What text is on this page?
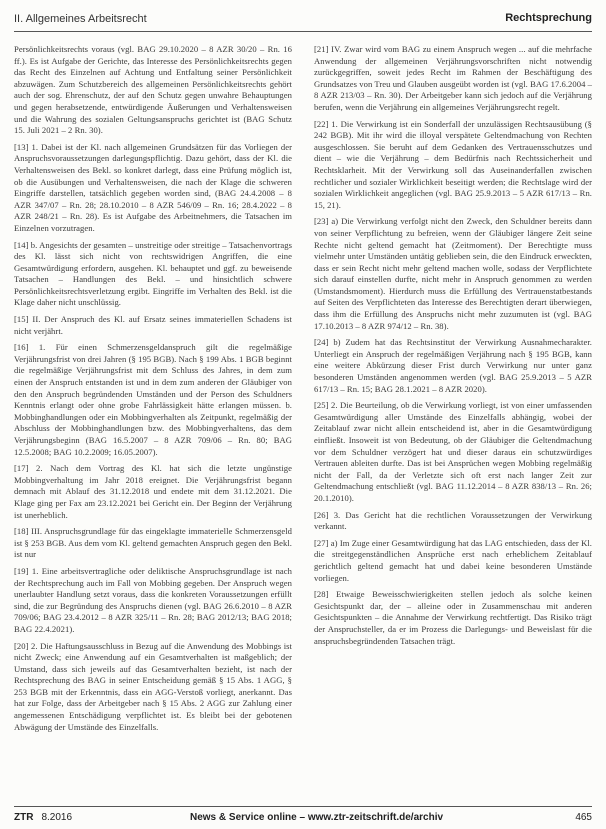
II. Allgemeines Arbeitsrecht	Rechtsprechung

Persönlichkeitsrechts voraus (vgl. BAG 29.10.2020 – 8 AZR 30/20 – Rn. 16 ff.). Es ist Aufgabe der Gerichte, das Interesse des Persönlichkeitsrechts gegen das Recht des Einzelnen auf Achtung und Entfaltung seiner Persönlichkeit abzuwägen. Zum Schutzbereich des allgemeinen Persönlichkeitsrechts gehört auch der sog. Ehrenschutz, der auf den Schutz gegen unwahre Behauptungen und gegen herabsetzende, entwürdigende Äußerungen und Verhaltensweisen und die Wahrung des sozialen Geltungsanspruchs gerichtet ist (BAG Schutz 15. Juli 2021 – 2 Rn. 30).

[13] 1. Dabei ist der Kl. nach allgemeinen Grundsätzen für das Vorliegen der Anspruchsvoraussetzungen darlegungspflichtig. Dazu gehört, dass der Kl. die Verhaltensweisen des Bekl. so konkret darlegt, dass eine Prüfung möglich ist, ob die Ausübungen und Verhaltensweisen, die nach der Klage die schweren Eingriffe darstellen, tatsächlich gegeben worden sind, (BAG 24.4.2008 – 8 AZR 347/07 – Rn. 28; 28.10.2010 – 8 AZR 546/09 – Rn. 16; 28.4.2022 – 8 AZR 248/21 – Rn. 28). Es ist Aufgabe des Arbeitnehmers, die Tatsachen im Einzelnen vorzutragen.

[14] b. Angesichts der gesamten – unstreitige oder streitige – Tatsachenvortrags des Kl. lässt sich nicht von rechtswidrigen Angriffen, die eine Gesamtwürdigung erfordern, ausgehen. Kl. behauptet und ggf. zu beweisende Tatsachen – Handlungen des Bekl. – und hinsichtlich schwere Persönlichkeitsrechtsverletzung ergibt. Eingriffe im Verhalten des Bekl. ist die Klage daher nicht unschlüssig.

[15] II. Der Anspruch des Kl. auf Ersatz seines immateriellen Schadens ist nicht verjährt.

[16] 1. Für einen Schmerzensgeldanspruch gilt die regelmäßige Verjährungsfrist von drei Jahren (§ 195 BGB). Nach § 199 Abs. 1 BGB beginnt die regelmäßige Verjährungsfrist mit dem Schluss des Jahres, in dem zum einen der Anspruch entstanden ist und in dem zum anderen der Gläubiger von den den Anspruch begründenden Umständen und der Person des Schuldners Kenntnis erlangt oder ohne grobe Fahrlässigkeit hätte erlangen müssen. b. Mobbinghandlungen oder ein Mobbingverhalten als Zeitpunkt, regelmäßig der Abschluss der Mobbinghandlungen bzw. des Mobbingverhaltens, das dem Verjährungsbeginn (BAG 16.5.2007 – 8 AZR 709/06 – Rn. 80; BAG 12.5.2008; BAG 10.2.2009; 16.05.2007).

[17] 2. Nach dem Vortrag des Kl. hat sich die letzte ungünstige Mobbingverhaltung im Jahr 2018 ereignet. Die Verjährungsfrist begann demnach mit Ablauf des 31.12.2018 und endete mit dem 31.12.2021. Die Klage ging per Fax am 23.12.2021 bei Gericht ein. Der Beginn der Verjährung ist unerheblich.

[18] III. Anspruchsgrundlage für das eingeklagte immaterielle Schmerzensgeld ist § 253 BGB. Aus dem vom Kl. geltend gemachten Anspruch gegen den Bekl. ist nur

[19] 1. Eine arbeitsvertragliche oder deliktische Anspruchsgrundlage ist nach der Rechtsprechung auch im Fall von Mobbing gegeben. Der Anspruch wegen unerlaubter Handlung setzt voraus, dass die konkreten Voraussetzungen erfüllt sind, die zur Begründung des Anspruchs dienen (vgl. BAG 26.6.2010 – 8 AZR 709/06; BAG 23.4.2012 – 8 AZR 325/11 – Rn. 28; BAG 2012/13; BAG 2018; BAG 22.4.2021).

[20] 2. Die Haftungsausschluss in Bezug auf die Anwendung des Mobbings ist nicht Zweck; eine Anwendung auf ein Gesamtverhalten ist maßgeblich; der Umstand, dass sich jeweils auf das Gesamtverhalten bezieht, ist nach der Rechtsprechung des BAG in seiner Entscheidung gemäß § 15 Abs. 1 AGG, § 253 BGB mit der Erkenntnis, dass ein AGG-Verstoß vorliegt, anerkannt. Das hat zur Folge, dass der Arbeitgeber nach § 15 Abs. 2 AGG zur Zahlung einer angemessenen Entschädigung verpflichtet ist. Es bleibt bei der gebotenen Abwägung der Umstände des Einzelfalls.

[21] IV. Zwar wird vom BAG zu einem Anspruch wegen ... auf die mehrfache Anwendung der allgemeinen Verjährungsvorschriften nicht notwendig zurückgegriffen, soweit jedes Recht im Rahmen der Beschäftigung des Grundsatzes von Treu und Glauben ausgeübt worden ist (vgl. BAG 17.6.2004 – 8 AZR 213/03 – Rn. 30). Der Arbeitgeber kann sich jedoch auf die Verjährung berufen, wenn die Verjährung ein allgemeines Verjährungsrecht regelt.

[22] 1. Die Verwirkung ist ein Sonderfall der unzulässigen Rechtsausübung (§ 242 BGB). Mit ihr wird die illoyal verspätete Geltendmachung von Rechten ausgeschlossen. Sie beruht auf dem Gedanken des Vertrauensschutzes und dient – wie die Verjährung – dem Bedürfnis nach Rechtssicherheit und Rechtsklarheit. Mit der Verwirkung soll das Auseinanderfallen zwischen rechtlicher und sozialer Wirklichkeit beseitigt werden; die Rechtslage wird der sozialen Wirklichkeit angeglichen (vgl. BAG 25.9.2013 – 5 AZR 617/13 – Rn. 15, 21).

[23] a) Die Verwirkung verfolgt nicht den Zweck, den Schuldner bereits dann von seiner Verpflichtung zu befreien, wenn der Gläubiger längere Zeit seine Rechte nicht geltend gemacht hat (Zeitmoment). Der Berechtigte muss vielmehr unter Umständen untätig geblieben sein, die den Eindruck erweckten, dass er sein Recht nicht mehr geltend machen wolle, sodass der Verpflichtete sich darauf einstellen durfte, nicht mehr in Anspruch genommen zu werden (Umstandsmoment). Hierdurch muss die Erfüllung des Vertrauenstatbestands auf Seiten des Verpflichteten das Interesse des Berechtigten derart überwiegen, dass ihm die Erfüllung des Anspruchs nicht mehr zuzumuten ist (vgl. BAG 17.10.2013 – 8 AZR 974/12 – Rn. 38).

[24] b) Zudem hat das Rechtsinstitut der Verwirkung Ausnahmecharakter. Unterliegt ein Anspruch der regelmäßigen Verjährung nach § 195 BGB, kann eine weitere Abkürzung dieser Frist durch Verwirkung nur unter ganz besonderen Umständen angenommen werden (vgl. BAG 25.9.2013 – 5 AZR 617/13 – Rn. 15; BAG 28.1.2021 – 8 AZR 2020).

[25] 2. Die Beurteilung, ob die Verwirkung vorliegt, ist von einer umfassenden Gesamtwürdigung aller Umstände des Einzelfalls abhängig, wobei der Zeitablauf zwar nicht allein entscheidend ist, aber in die Gesamtwürdigung einfließt. Insoweit ist von Bedeutung, ob der Gläubiger die Geltendmachung vor dem Schuldner verzögert hat und dieser daraus ein schutzwürdiges Vertrauen ableiten durfte. Das ist bei Ansprüchen wegen Mobbing regelmäßig nicht der Fall, da der Verletzte sich oft erst nach langer Zeit zur Geltendmachung entschließt (vgl. BAG 11.12.2014 – 8 AZR 838/13 – Rn. 26; 20.1.2010).

[26] 3. Das Gericht hat die rechtlichen Voraussetzungen der Verwirkung verkannt.

[27] a) Im Zuge einer Gesamtwürdigung hat das LAG entschieden, dass der Kl. die streitgegenständlichen Ansprüche erst nach erheblichem Zeitablauf gerichtlich geltend gemacht hat und dabei keine besonderen Umstände vorliegen.

[28] Etwaige Beweisschwierigkeiten stellen jedoch als solche keinen Gesichtspunkt dar, der – alleine oder in Zusammenschau mit anderen Gesichtspunkten – die Annahme der Verwirkung rechtfertigt. Das Risiko trägt der Anspruchsteller, da er im Prozess die Darlegungs- und Beweislast für die anspruchsbegründenden Tatsachen trägt.

ZTR 8.2016	News & Service online – www.ztr-zeitschrift.de/archiv	465
